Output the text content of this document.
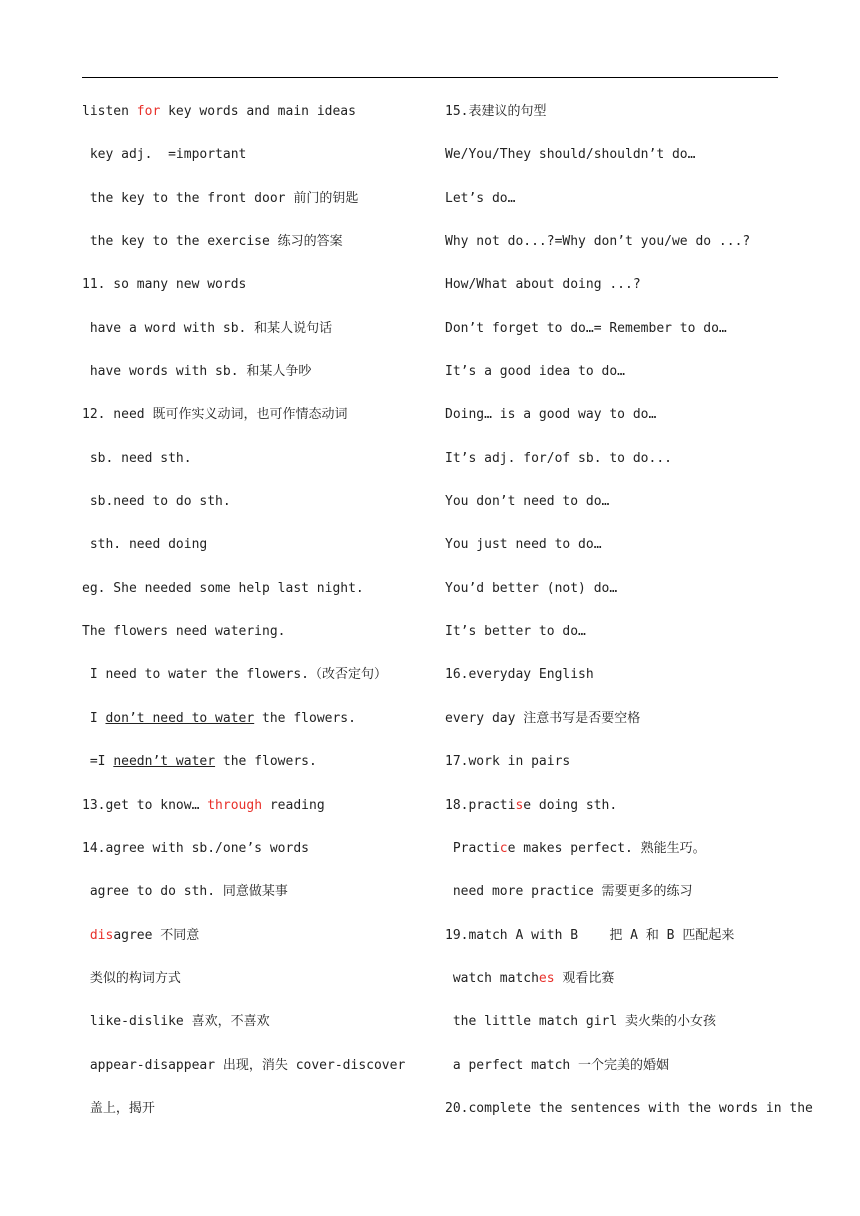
listen for key words and main ideas
key adj.  =important
the key to the front door 前门的钥匙
the key to the exercise 练习的答案
11. so many new words
have a word with sb. 和某人说句话
have words with sb. 和某人争吵
12. need 既可作实义动词，也可作情态动词
sb. need sth.
sb.need to do sth.
sth. need doing
eg. She needed some help last night.
The flowers need watering.
I need to water the flowers.（改否定句）
I don’t need to water the flowers.
=I needn’t water the flowers.
13.get to know… through reading
14.agree with sb./one’s words
agree to do sth. 同意做某事
disagree 不同意
类似的构词方式
like-dislike 喜欢，不喜欢
appear-disappear 出现，消失 cover-discover
盖上，揭开
15.表建议的句型
We/You/They should/shouldn’t do…
Let’s do…
Why not do...?=Why don’t you/we do ...?
How/What about doing ...?
Don’t forget to do…= Remember to do…
It’s a good idea to do…
Doing… is a good way to do…
It’s adj. for/of sb. to do...
You don’t need to do…
You just need to do…
You’d better (not) do…
It’s better to do…
16.everyday English
every day 注意书写是否要空格
17.work in pairs
18.practise doing sth.
Practice makes perfect. 熟能生巧。
need more practice 需要更多的练习
19.match A with B    把 A 和 B 匹配起来
watch matches 观看比赛
the little match girl 卖火柴的小女孩
a perfect match 一个完美的婚姻
20.complete the sentences with the words in the
